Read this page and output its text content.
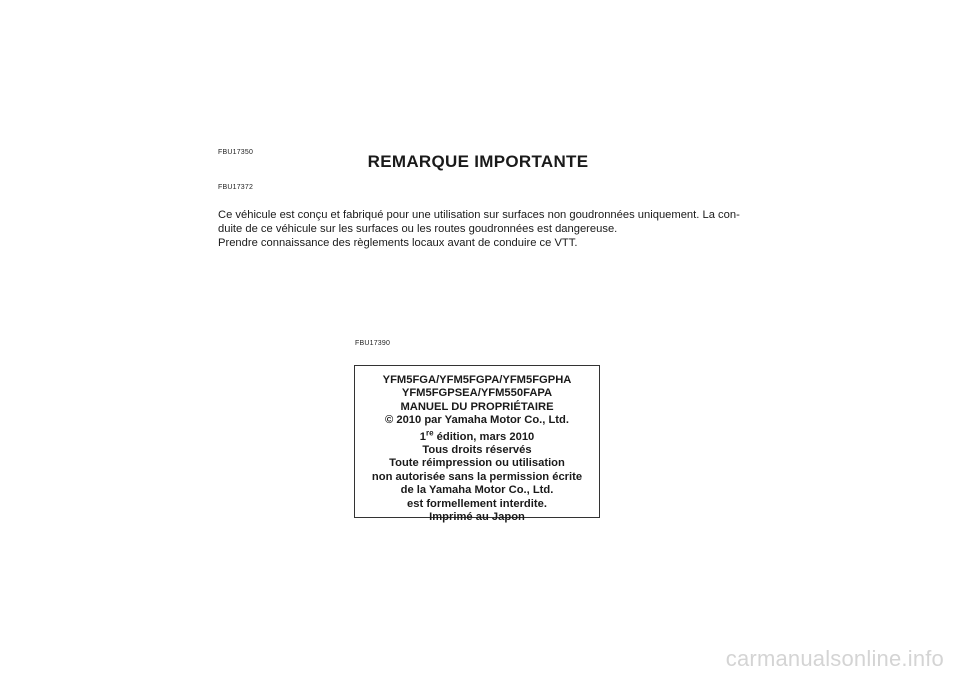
FBU17350	REMARQUE IMPORTANTE
FBU17372
Ce véhicule est conçu et fabriqué pour une utilisation sur surfaces non goudronnées uniquement. La con-
duite de ce véhicule sur les surfaces ou les routes goudronnées est dangereuse.
Prendre connaissance des règlements locaux avant de conduire ce VTT.
FBU17390
YFM5FGA/YFM5FGPA/YFM5FGPHA
YFM5FGPSEA/YFM550FAPA
MANUEL DU PROPRIÉTAIRE
© 2010 par Yamaha Motor Co., Ltd.
1re édition, mars 2010
Tous droits réservés
Toute réimpression ou utilisation
non autorisée sans la permission écrite
de la Yamaha Motor Co., Ltd.
est formellement interdite.
Imprimé au Japon
carmanualsonline.info
